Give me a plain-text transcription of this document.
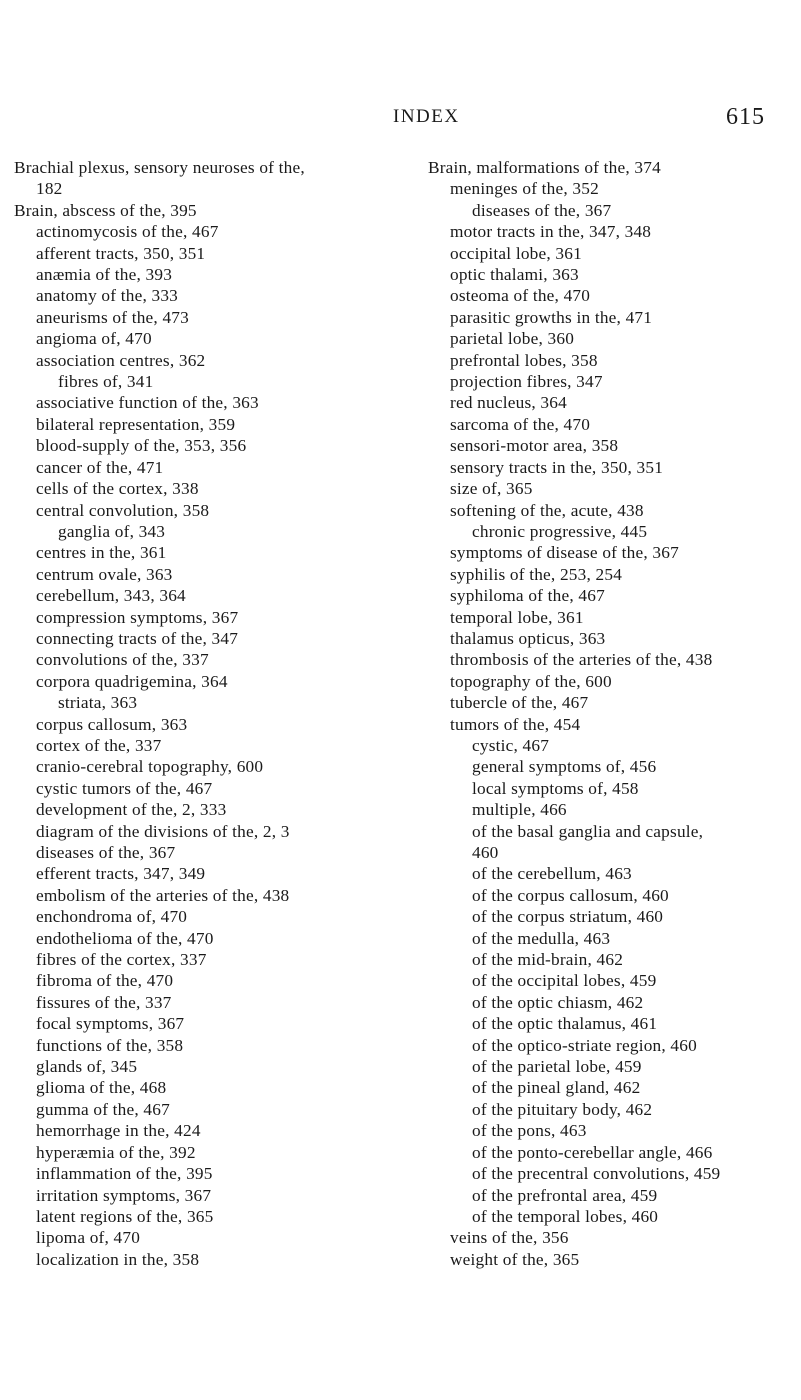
INDEX	615
Brachial plexus, sensory neuroses of the,
182
Brain, abscess of the, 395
actinomycosis of the, 467
afferent tracts, 350, 351
anæmia of the, 393
anatomy of the, 333
aneurisms of the, 473
angioma of, 470
association centres, 362
fibres of, 341
associative function of the, 363
bilateral representation, 359
blood-supply of the, 353, 356
cancer of the, 471
cells of the cortex, 338
central convolution, 358
ganglia of, 343
centres in the, 361
centrum ovale, 363
cerebellum, 343, 364
compression symptoms, 367
connecting tracts of the, 347
convolutions of the, 337
corpora quadrigemina, 364
striata, 363
corpus callosum, 363
cortex of the, 337
cranio-cerebral topography, 600
cystic tumors of the, 467
development of the, 2, 333
diagram of the divisions of the, 2, 3
diseases of the, 367
efferent tracts, 347, 349
embolism of the arteries of the, 438
enchondroma of, 470
endothelioma of the, 470
fibres of the cortex, 337
fibroma of the, 470
fissures of the, 337
focal symptoms, 367
functions of the, 358
glands of, 345
glioma of the, 468
gumma of the, 467
hemorrhage in the, 424
hyperæmia of the, 392
inflammation of the, 395
irritation symptoms, 367
latent regions of the, 365
lipoma of, 470
localization in the, 358
Brain, malformations of the, 374
meninges of the, 352
diseases of the, 367
motor tracts in the, 347, 348
occipital lobe, 361
optic thalami, 363
osteoma of the, 470
parasitic growths in the, 471
parietal lobe, 360
prefrontal lobes, 358
projection fibres, 347
red nucleus, 364
sarcoma of the, 470
sensori-motor area, 358
sensory tracts in the, 350, 351
size of, 365
softening of the, acute, 438
chronic progressive, 445
symptoms of disease of the, 367
syphilis of the, 253, 254
syphiloma of the, 467
temporal lobe, 361
thalamus opticus, 363
thrombosis of the arteries of the, 438
topography of the, 600
tubercle of the, 467
tumors of the, 454
cystic, 467
general symptoms of, 456
local symptoms of, 458
multiple, 466
of the basal ganglia and capsule,
460
of the cerebellum, 463
of the corpus callosum, 460
of the corpus striatum, 460
of the medulla, 463
of the mid-brain, 462
of the occipital lobes, 459
of the optic chiasm, 462
of the optic thalamus, 461
of the optico-striate region, 460
of the parietal lobe, 459
of the pineal gland, 462
of the pituitary body, 462
of the pons, 463
of the ponto-cerebellar angle, 466
of the precentral convolutions, 459
of the prefrontal area, 459
of the temporal lobes, 460
veins of the, 356
weight of the, 365
